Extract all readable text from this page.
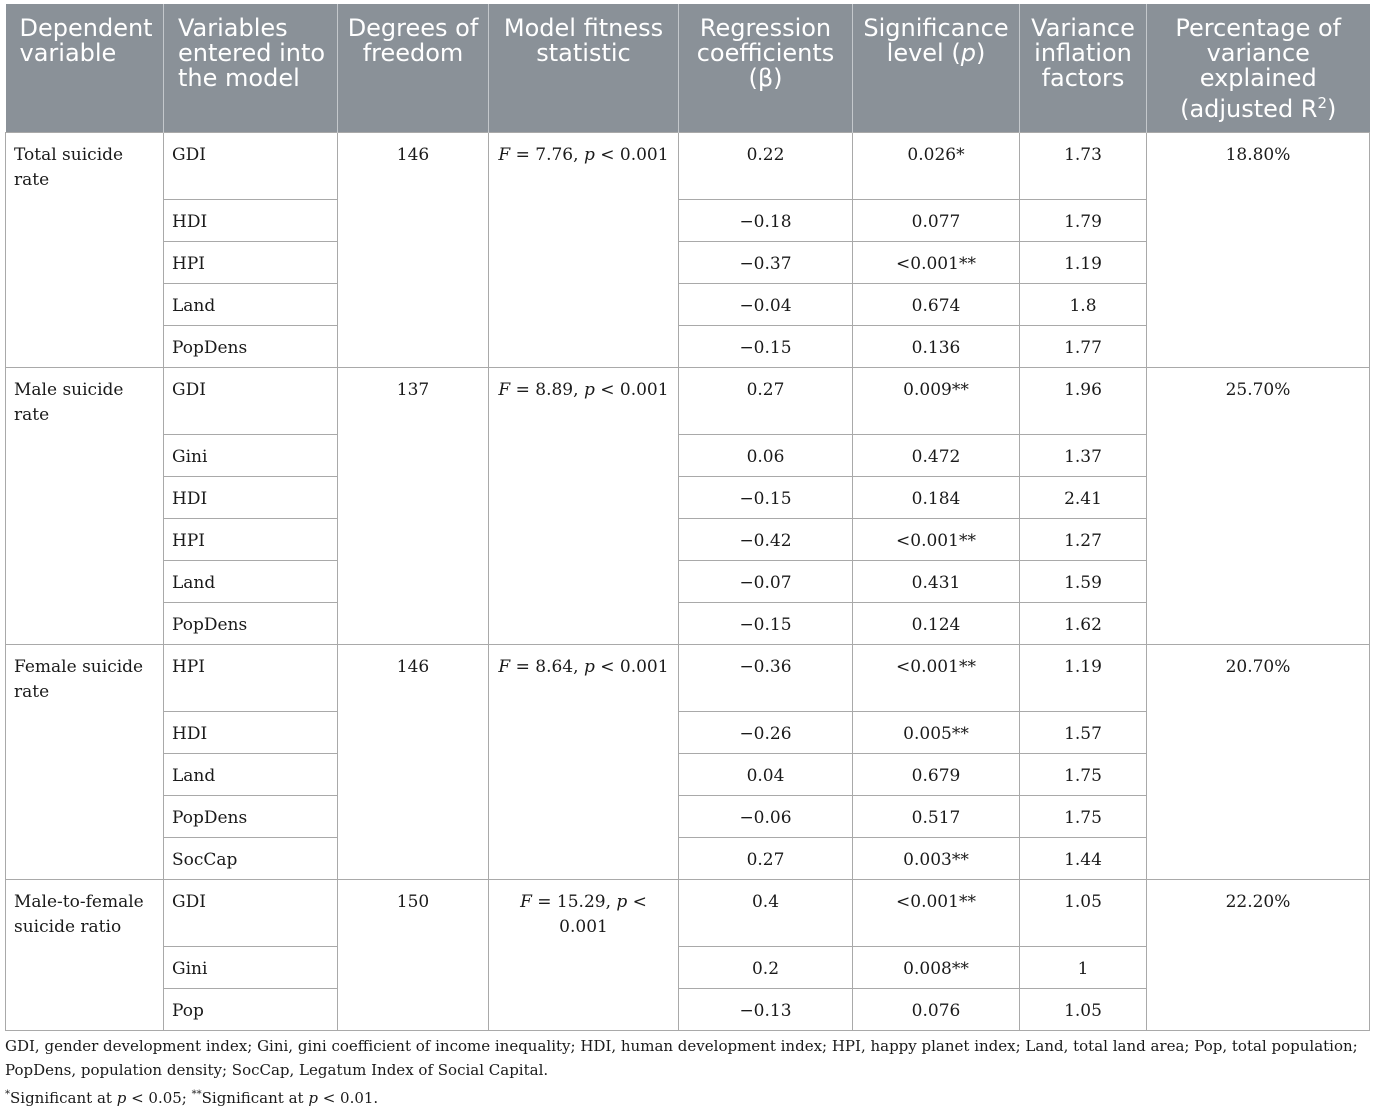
Dependent variable	Variables entered into the model	Degrees of freedom	Model fitness statistic	Regression coefficients (β)	Significance level (p)	Variance inflation factors	Percentage of variance explained (adjusted $R^2$)
Total suicide rate	GDI	146	F = 7.76, p < 0.001	0.22	0.026*	1.73	18.80%
	HDI			−0.18	0.077	1.79	
	HPI			−0.37	<0.001**	1.19	
	Land			−0.04	0.674	1.8	
	PopDens			−0.15	0.136	1.77	
Male suicide rate	GDI	137	F = 8.89, p < 0.001	0.27	0.009**	1.96	25.70%
	Gini			0.06	0.472	1.37	
	HDI			−0.15	0.184	2.41	
	HPI			−0.42	<0.001**	1.27	
	Land			−0.07	0.431	1.59	
	PopDens			−0.15	0.124	1.62	
Female suicide rate	HPI	146	F = 8.64, p < 0.001	−0.36	<0.001**	1.19	20.70%
	HDI			−0.26	0.005**	1.57	
	Land			0.04	0.679	1.75	
	PopDens			−0.06	0.517	1.75	
	SocCap			0.27	0.003**	1.44	
Male-to-female suicide ratio	GDI	150	F = 15.29, p < 0.001	0.4	<0.001**	1.05	22.20%
	Gini			0.2	0.008**	1	
	Pop			−0.13	0.076	1.05	
GDI, gender development index; Gini, gini coefficient of income inequality; HDI, human development index; HPI, happy planet index; Land, total land area; Pop, total population; PopDens, population density; SocCap, Legatum Index of Social Capital.
*Significant at p < 0.05; **Significant at p < 0.01.
